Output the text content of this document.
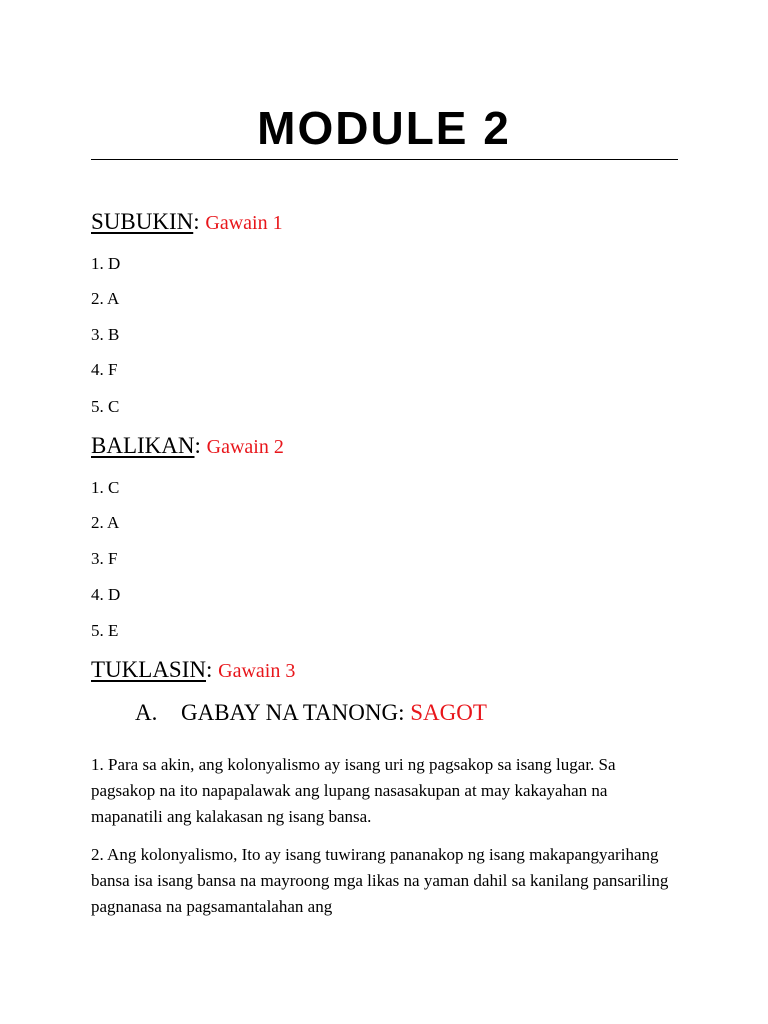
MODULE 2
SUBUKIN: Gawain 1
1. D
2. A
3. B
4. F
5. C
BALIKAN: Gawain 2
1. C
2. A
3. F
4. D
5. E
TUKLASIN: Gawain 3
A. GABAY NA TANONG: SAGOT
1. Para sa akin, ang kolonyalismo ay isang uri ng pagsakop sa isang lugar. Sa pagsakop na ito napapalawak ang lupang nasasakupan at may kakayahan na mapanatili ang kalakasan ng isang bansa.
2. Ang kolonyalismo, Ito ay isang tuwirang pananakop ng isang makapangyarihang bansa isa isang bansa na mayroong mga likas na yaman dahil sa kanilang pansariling pagnanasa na pagsamantalahan ang
